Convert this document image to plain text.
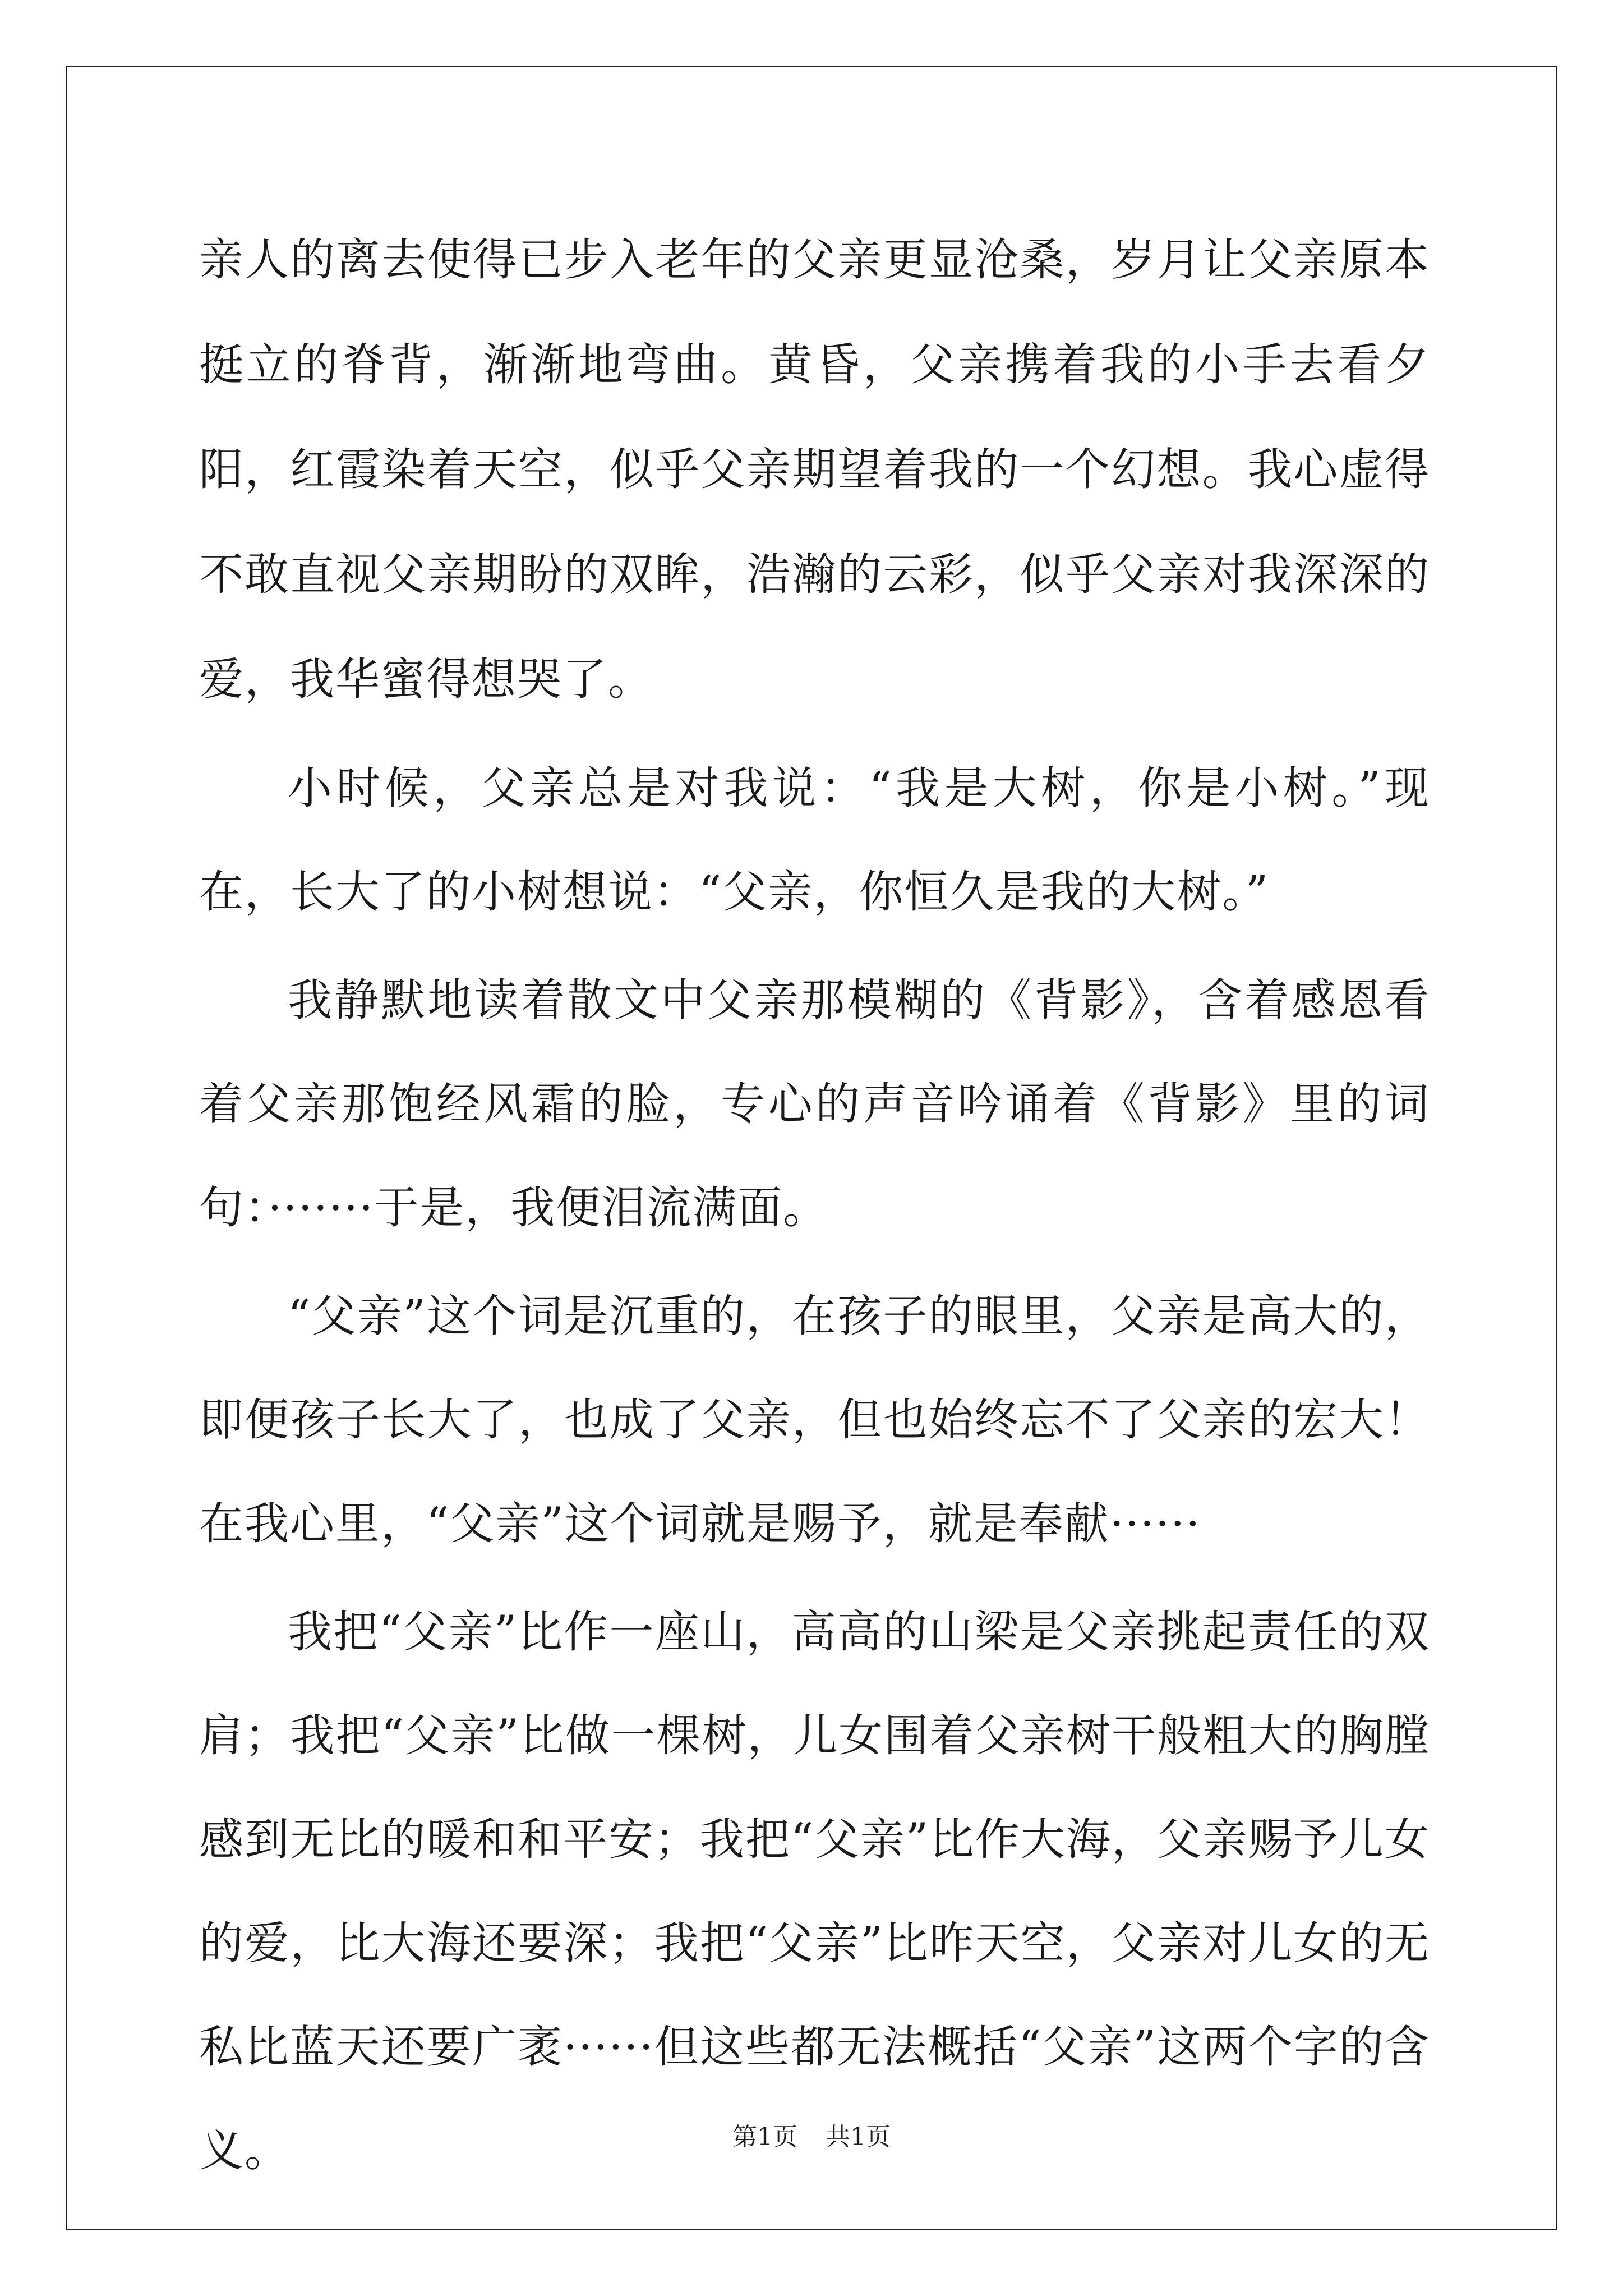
亲人的离去使得已步入老年的父亲更显沧桑，岁月让父亲原本挺立的脊背，渐渐地弯曲。黄昏，父亲携着我的小手去看夕阳，红霞染着天空，似乎父亲期望着我的一个幻想。我心虚得不敢直视父亲期盼的双眸，浩瀚的云彩，似乎父亲对我深深的爱，我华蜜得想哭了。

小时候，父亲总是对我说：“我是大树，你是小树。”现在，长大了的小树想说：“父亲，你恒久是我的大树。”

我静默地读着散文中父亲那模糊的《背影》，含着感恩看着父亲那饱经风霜的脸，专心的声音吟诵着《背影》里的词句：·······于是，我便泪流满面。

“父亲”这个词是沉重的，在孩子的眼里，父亲是高大的，即便孩子长大了，也成了父亲，但也始终忘不了父亲的宏大！在我心里，“父亲”这个词就是赐予，就是奉献······

我把“父亲”比作一座山，高高的山梁是父亲挑起责任的双肩；我把“父亲”比做一棵树，儿女围着父亲树干般粗大的胸膛感到无比的暖和和平安；我把“父亲”比作大海，父亲赐予儿女的爱，比大海还要深；我把“父亲”比昨天空，父亲对儿女的无私比蓝天还要广袤······但这些都无法概括“父亲”这两个字的含义。	第1页 共1页
